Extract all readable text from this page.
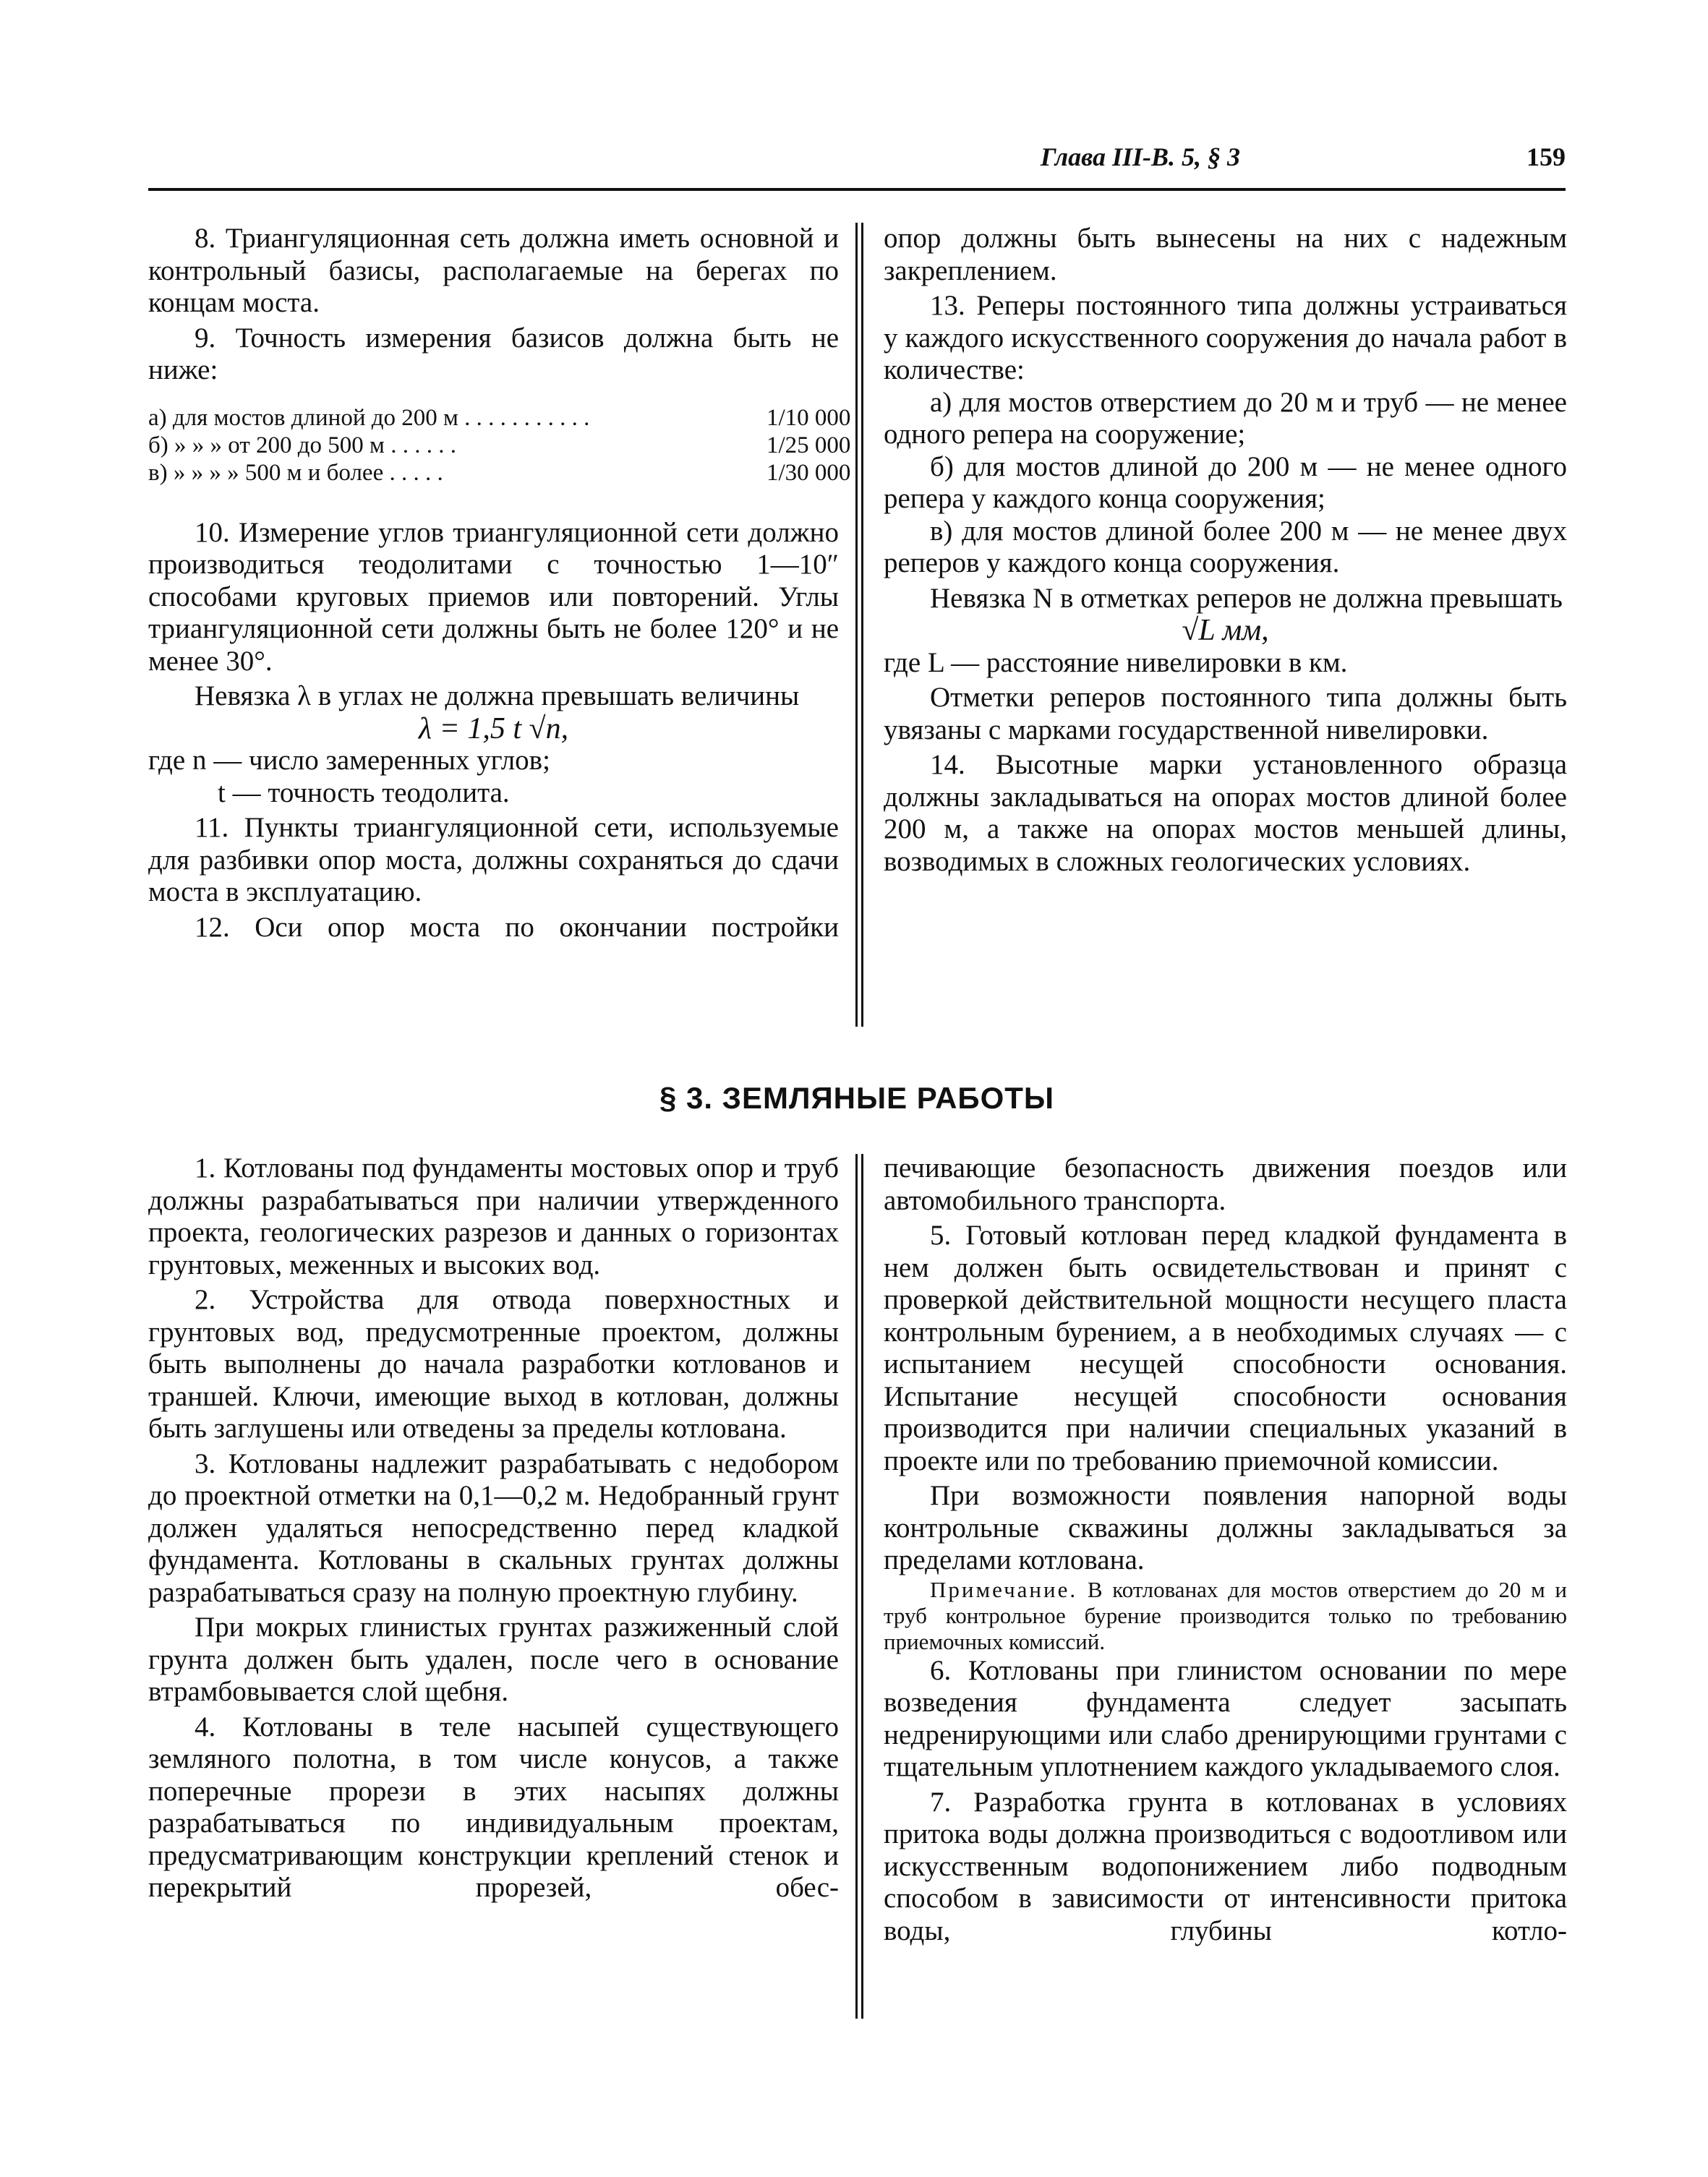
Глава III-В. 5, § 3	159

8. Триангуляционная сеть должна иметь основной и контрольный базисы, располагаемые на берегах по концам моста.

9. Точность измерения базисов должна быть не ниже:

а) для мостов длиной до 200 м . . . . . . . . . . .	1/10 000
б) » » » от 200 до 500 м . . . . . .	1/25 000
в) » » » » 500 м и более . . . . .	1/30 000

10. Измерение углов триангуляционной сети должно производиться теодолитами с точностью 1—10″ способами круговых приемов или повторений. Углы триангуляционной сети должны быть не более 120° и не менее 30°.

Невязка λ в углах не должна превышать величины

λ = 1,5 t √n,

где n — число замеренных углов;

t — точность теодолита.

11. Пункты триангуляционной сети, используемые для разбивки опор моста, должны сохраняться до сдачи моста в эксплуатацию.

12. Оси опор моста по окончании постройки

опор должны быть вынесены на них с надежным закреплением.

13. Реперы постоянного типа должны устраиваться у каждого искусственного сооружения до начала работ в количестве:

а) для мостов отверстием до 20 м и труб — не менее одного репера на сооружение;

б) для мостов длиной до 200 м — не менее одного репера у каждого конца сооружения;

в) для мостов длиной более 200 м — не менее двух реперов у каждого конца сооружения.

Невязка N в отметках реперов не должна превышать

√L мм,

где L — расстояние нивелировки в км.

Отметки реперов постоянного типа должны быть увязаны с марками государственной нивелировки.

14. Высотные марки установленного образца должны закладываться на опорах мостов длиной более 200 м, а также на опорах мостов меньшей длины, возводимых в сложных геологических условиях.

§ 3. ЗЕМЛЯНЫЕ РАБОТЫ

1. Котлованы под фундаменты мостовых опор и труб должны разрабатываться при наличии утвержденного проекта, геологических разрезов и данных о горизонтах грунтовых, меженных и высоких вод.

2. Устройства для отвода поверхностных и грунтовых вод, предусмотренные проектом, должны быть выполнены до начала разработки котлованов и траншей. Ключи, имеющие выход в котлован, должны быть заглушены или отведены за пределы котлована.

3. Котлованы надлежит разрабатывать с недобором до проектной отметки на 0,1—0,2 м. Недобранный грунт должен удаляться непосредственно перед кладкой фундамента. Котлованы в скальных грунтах должны разрабатываться сразу на полную проектную глубину.

При мокрых глинистых грунтах разжиженный слой грунта должен быть удален, после чего в основание втрамбовывается слой щебня.

4. Котлованы в теле насыпей существующего земляного полотна, в том числе конусов, а также поперечные прорези в этих насыпях должны разрабатываться по индивидуальным проектам, предусматривающим конструкции креплений стенок и перекрытий прорезей, обес-

печивающие безопасность движения поездов или автомобильного транспорта.

5. Готовый котлован перед кладкой фундамента в нем должен быть освидетельствован и принят с проверкой действительной мощности несущего пласта контрольным бурением, а в необходимых случаях — с испытанием несущей способности основания. Испытание несущей способности основания производится при наличии специальных указаний в проекте или по требованию приемочной комиссии.

При возможности появления напорной воды контрольные скважины должны закладываться за пределами котлована.

Примечание. В котлованах для мостов отверстием до 20 м и труб контрольное бурение производится только по требованию приемочных комиссий.

6. Котлованы при глинистом основании по мере возведения фундамента следует засыпать недренирующими или слабо дренирующими грунтами с тщательным уплотнением каждого укладываемого слоя.

7. Разработка грунта в котлованах в условиях притока воды должна производиться с водоотливом или искусственным водопонижением либо подводным способом в зависимости от интенсивности притока воды, глубины котло-
